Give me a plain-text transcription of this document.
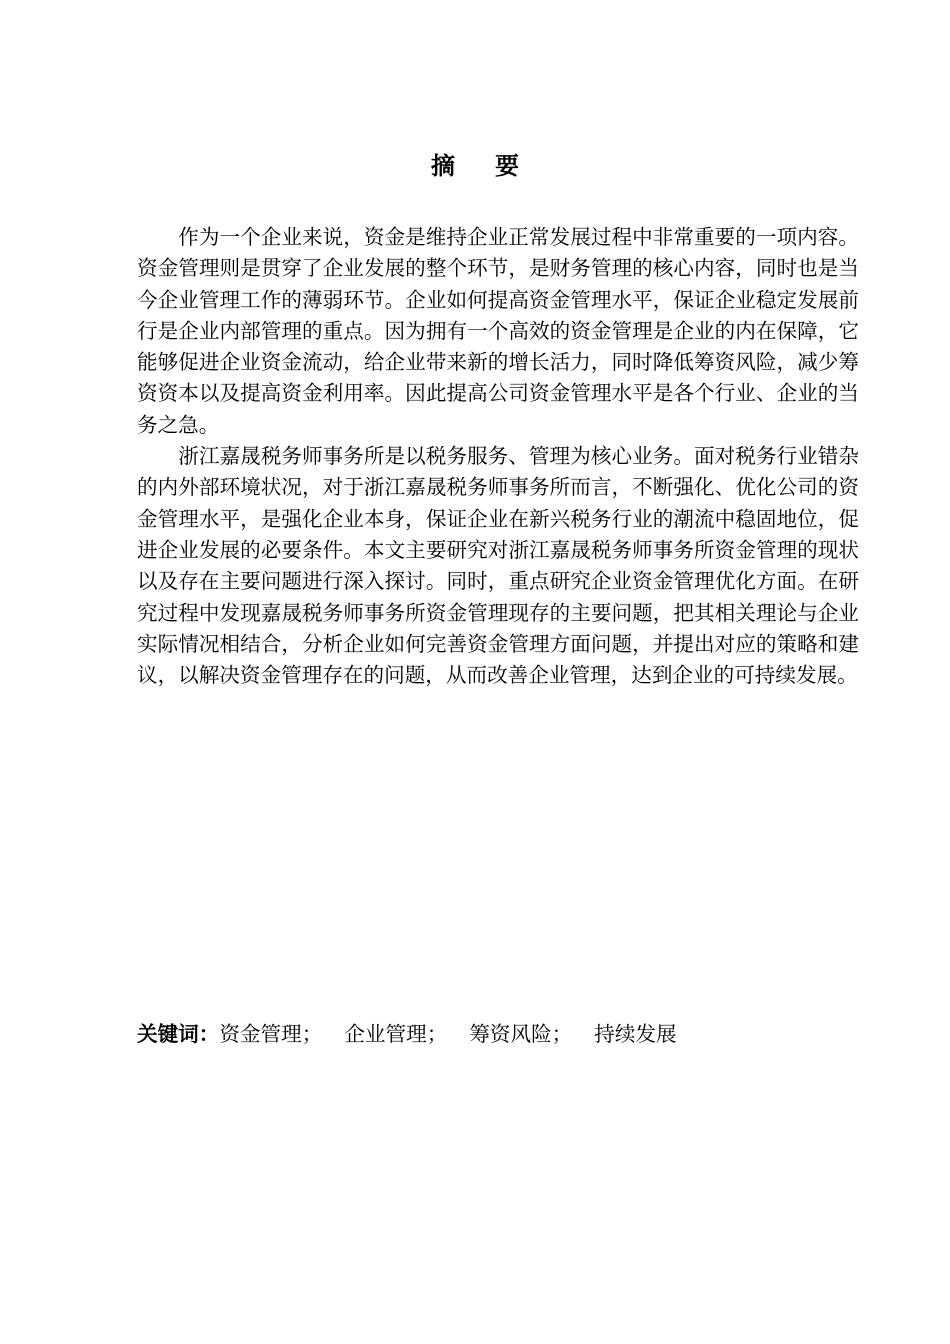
摘要

作为一个企业来说，资金是维持企业正常发展过程中非常重要的一项内容。资金管理则是贯穿了企业发展的整个环节，是财务管理的核心内容，同时也是当今企业管理工作的薄弱环节。企业如何提高资金管理水平，保证企业稳定发展前行是企业内部管理的重点。因为拥有一个高效的资金管理是企业的内在保障，它能够促进企业资金流动，给企业带来新的增长活力，同时降低筹资风险，减少筹资资本以及提高资金利用率。因此提高公司资金管理水平是各个行业、企业的当务之急。

浙江嘉晟税务师事务所是以税务服务、管理为核心业务。面对税务行业错杂的内外部环境状况，对于浙江嘉晟税务师事务所而言，不断强化、优化公司的资金管理水平，是强化企业本身，保证企业在新兴税务行业的潮流中稳固地位，促进企业发展的必要条件。本文主要研究对浙江嘉晟税务师事务所资金管理的现状以及存在主要问题进行深入探讨。同时，重点研究企业资金管理优化方面。在研究过程中发现嘉晟税务师事务所资金管理现存的主要问题，把其相关理论与企业实际情况相结合，分析企业如何完善资金管理方面问题，并提出对应的策略和建议，以解决资金管理存在的问题，从而改善企业管理，达到企业的可持续发展。

关键词：资金管理； 企业管理； 筹资风险； 持续发展
